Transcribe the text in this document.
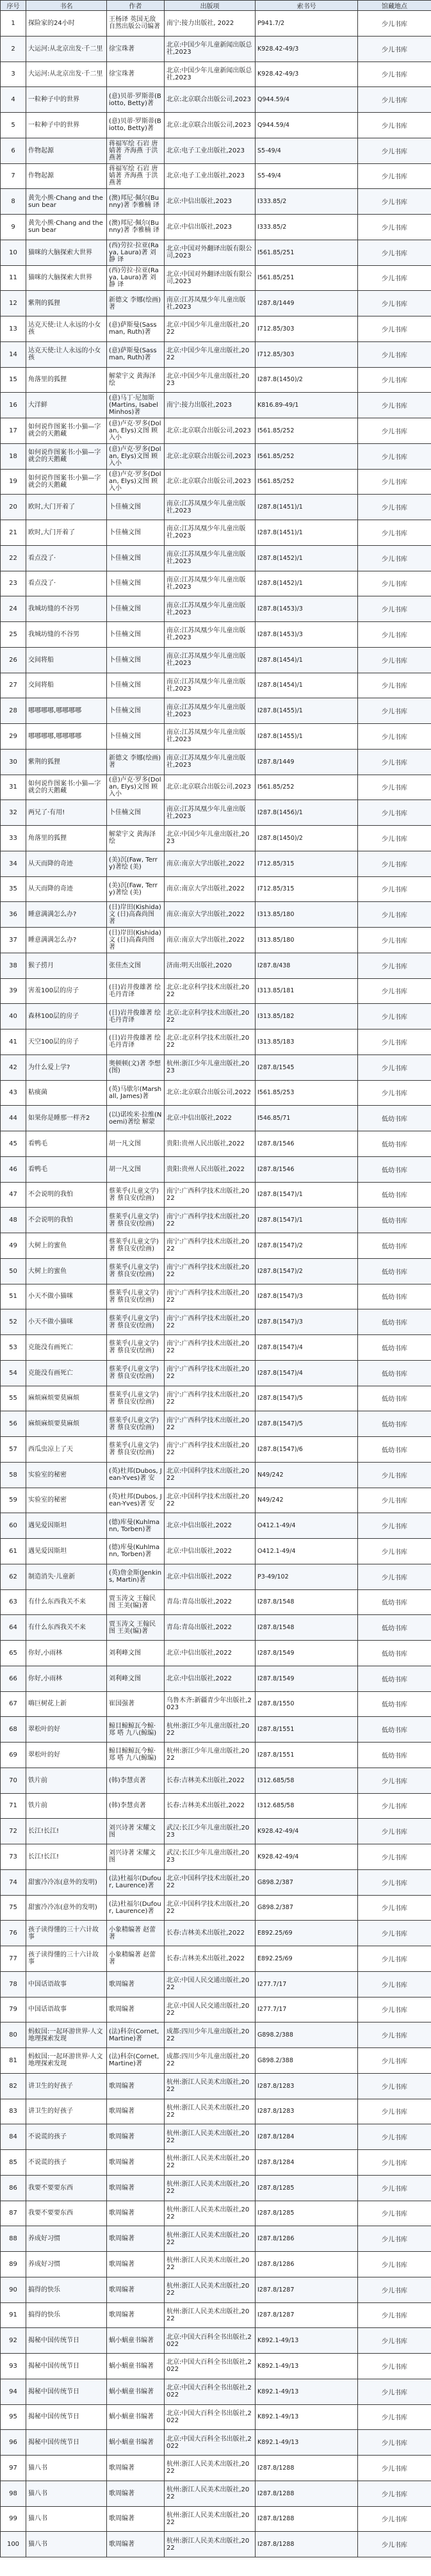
序号	书名	作者	出版项	索书号	馆藏地点
1	探险家的24小时	王杨译 英国无敌自然出版公司编著	南宁:接力出版社, 2022	P941.7/2	少儿书库
2	大运河:从北京出发·千二里	徐宝珠著	北京:中国少年儿童新闻出版总社,2023	K928.42-49/3	少儿书库
3	大运河:从北京出发·千二里	徐宝珠著	北京:中国少年儿童新闻出版总社,2023	K928.42-49/3	少儿书库
4	一粒种子中的世界	(意)贝蒂·罗斯蒂(Biotto, Betty)著	北京:北京联合出版公司,2023	Q944.59/4	少儿书库
5	一粒种子中的世界	(意)贝蒂·罗斯蒂(Biotto, Betty)著	北京:北京联合出版公司,2023	Q944.59/4	少儿书库
6	作物起源	蒋福军绘 石岩 唐婧著 齐海燕 于洪燕著	北京:电子工业出版社,2023	S5-49/4	少儿书库
7	作物起源	蒋福军绘 石岩 唐婧著 齐海燕 于洪燕著	北京:电子工业出版社,2023	S5-49/4	少儿书库
8	黄先小熊·Chang and the sun bear	(澳)邦尼·佩尔(Bunny)著 李雅楠 译	北京:中信出版社,2023	I333.85/2	少儿书库
9	黄先小熊·Chang and the sun bear	(澳)邦尼·佩尔(Bunny)著 李雅楠 译	北京:中信出版社,2023	I333.85/2	少儿书库
10	猫咪的大脑探索大世界	(西)劳拉·拉亚(Raya, Laura)著 刘静 译	北京:中国对外翻译出版有限公司,2023	I561.85/251	少儿书库
11	猫咪的大脑探索大世界	(西)劳拉·拉亚(Raya, Laura)著 刘静 译	北京:中国对外翻译出版有限公司,2023	I561.85/251	少儿书库
12	紫荆的狐狸	新德文 李娜(绘画)著	南京:江苏凤凰少年儿童出版社,2023	I287.8/1449	少儿书库
13	达克天使:让人永远的小女孩	(意)萨斯曼(Sassman, Ruth)著	北京:中国少年儿童出版社,2022	I712.85/303	少儿书库
14	达克天使:让人永远的小女孩	(意)萨斯曼(Sassman, Ruth)著	北京:中国少年儿童出版社,2022	I712.85/303	少儿书库
15	角落里的狐狸	解蒙宇文 黄海泽绘	北京:中国少年儿童出版社,2023	I287.8(1450)/2	少儿书库
16	大洋鲜	(意)马丁·尼加斯(Martins, Isabel Minhos)著	南宁:接力出版社,2023	K816.89-49/1	少儿书库
17	如何说作图案书:小猫—字就会的天鹅藏	(意)卢克·罗多(Dolan, Elys)文图 顾入小	北京:北京联合出版公司,2023	I561.85/252	少儿书库
18	如何说作图案书:小猫—字就会的天鹅藏	(意)卢克·罗多(Dolan, Elys)文图 顾入小	北京:北京联合出版公司,2023	I561.85/252	少儿书库
19	如何说作图案书:小猫—字就会的天鹅藏	(意)卢克·罗多(Dolan, Elys)文图 顾入小	北京:北京联合出版公司,2023	I561.85/252	少儿书库
20	欧时,大门开着了	卜佳楠文图	南京:江苏凤凰少年儿童出版社,2023	I287.8(1451)/1	少儿书库
21	欧时,大门开着了	卜佳楠文图	南京:江苏凤凰少年儿童出版社,2023	I287.8(1451)/1	少儿书库
22	看点没了·	卜佳楠文图	南京:江苏凤凰少年儿童出版社,2023	I287.8(1452)/1	少儿书库
23	看点没了·	卜佳楠文图	南京:江苏凤凰少年儿童出版社,2023	I287.8(1452)/1	少儿书库
24	我城坊缝的不谷男	卜佳楠文图	南京:江苏凤凰少年儿童出版社,2023	I287.8(1453)/3	少儿书库
25	我城坊缝的不谷男	卜佳楠文图	南京:江苏凤凰少年儿童出版社,2023	I287.8(1453)/3	少儿书库
26	交间将船	卜佳楠文图	南京:江苏凤凰少年儿童出版社,2023	I287.8(1454)/1	少儿书库
27	交间将船	卜佳楠文图	南京:江苏凤凰少年儿童出版社,2023	I287.8(1454)/1	少儿书库
28	哪哪哪哪,哪哪哪哪	卜佳楠文图	南京:江苏凤凰少年儿童出版社,2023	I287.8(1455)/1	少儿书库
29	哪哪哪哪,哪哪哪哪	卜佳楠文图	南京:江苏凤凰少年儿童出版社,2023	I287.8(1455)/1	少儿书库
30	紫荆的狐狸	新德文 李娜(绘画)著	南京:江苏凤凰少年儿童出版社,2023	I287.8/1449	少儿书库
31	如何说作图案书:小猫—字就会的天鹅藏	(意)卢克·罗多(Dolan, Elys)文图 顾入小	北京:北京联合出版公司,2023	I561.85/252	少儿书库
32	两兄了·有用!	卜佳楠文图	南京:江苏凤凰少年儿童出版社,2023	I287.8(1456)/1	少儿书库
33	角落里的狐狸	解蒙宇文 黄海泽绘	北京:中国少年儿童出版社,2023	I287.8(1450)/2	少儿书库
34	从天而降的奇迹	(美)沉(Faw, Terry)著绘 (美)	南京:南京大学出版社,2022	I712.85/315	少儿书库
35	从天而降的奇迹	(美)沉(Faw, Terry)著绘 (美)	南京:南京大学出版社,2022	I712.85/315	少儿书库
36	睡意满满怎么办?	(日)岸田(Kishida)文 (日)高森尚图 著	南京:南京大学出版社,2022	I313.85/180	少儿书库
37	睡意满满怎么办?	(日)岸田(Kishida)文 (日)高森尚图 著	南京:南京大学出版社,2022	I313.85/180	少儿书库
38	猴子捞月	张佳杰文图	济南:明天出版社,2020	I287.8/438	少儿书库
39	害羞100层的房子	(日)岩井俊雄著 绘 毛丹青译	北京:北京科学技术出版社,2022	I313.85/181	少儿书库
40	森林100层的房子	(日)岩井俊雄著 绘 毛丹青译	北京:北京科学技术出版社,2022	I313.85/182	少儿书库
41	天空100层的房子	(日)岩井俊雄著 绘 毛丹青译	北京:北京科学技术出版社,2022	I313.85/183	少儿书库
42	为什么爱上学?	奥顿顿(文)著 李想(图)	杭州:浙江少年儿童出版社,2023	I287.8/1545	少儿书库
43	粘痰菌	(英)马歇尔(Marshall, James)著	北京:北京联合出版公司,2022	I561.85/253	少儿书库
44	如果你是睡那一样齐2	(以)诺埃米·拉维(Noemi)著绘 解蒙	北京:中信出版社,2022	I546.85/71	低幼书库
45	看鸭毛	胡一凡文图	贵阳:贵州人民出版社,2022	I287.8/1546	低幼书库
46	看鸭毛	胡一凡文图	贵阳:贵州人民出版社,2022	I287.8/1546	低幼书库
47	不会说明的我怕	蔡莱乎(儿童文学)著 蔡良安(绘画)	南宁:广西科学技术出版社,2022	I287.8(1547)/1	低幼书库
48	不会说明的我怕	蔡莱乎(儿童文学)著 蔡良安(绘画)	南宁:广西科学技术出版社,2022	I287.8(1547)/1	低幼书库
49	大树上的蜜鱼	蔡莱乎(儿童文学)著 蔡良安(绘画)	南宁:广西科学技术出版社,2022	I287.8(1547)/2	低幼书库
50	大树上的蜜鱼	蔡莱乎(儿童文学)著 蔡良安(绘画)	南宁:广西科学技术出版社,2022	I287.8(1547)/2	低幼书库
51	小天不做小猫咪	蔡莱乎(儿童文学)著 蔡良安(绘画)	南宁:广西科学技术出版社,2022	I287.8(1547)/3	低幼书库
52	小天不做小猫咪	蔡莱乎(儿童文学)著 蔡良安(绘画)	南宁:广西科学技术出版社,2022	I287.8(1547)/3	低幼书库
53	克能没有画死亡	蔡莱乎(儿童文学)著 蔡良安(绘画)	南宁:广西科学技术出版社,2022	I287.8(1547)/4	低幼书库
54	克能没有画死亡	蔡莱乎(儿童文学)著 蔡良安(绘画)	南宁:广西科学技术出版社,2022	I287.8(1547)/4	低幼书库
55	麻烦麻烦要莫麻烦	蔡莱乎(儿童文学)著 蔡良安(绘画)	南宁:广西科学技术出版社,2022	I287.8(1547)/5	低幼书库
56	麻烦麻烦要莫麻烦	蔡莱乎(儿童文学)著 蔡良安(绘画)	南宁:广西科学技术出版社,2022	I287.8(1547)/5	低幼书库
57	西瓜虫凉上了天	蔡莱乎(儿童文学)著 蔡良安(绘画)	南宁:广西科学技术出版社,2022	I287.8(1547)/6	低幼书库
58	实验室的秘密	(英)杜邦(Dubos, Jean-Yves)著 安	北京:中国科学技术出版社,2022	N49/242	少儿书库
59	实验室的秘密	(英)杜邦(Dubos, Jean-Yves)著 安	北京:中国科学技术出版社,2022	N49/242	少儿书库
60	遇见爱因斯坦	(德)库曼(Kuhlmann, Torben)著	北京:中信出版社,2022	O412.1-49/4	少儿书库
61	遇见爱因斯坦	(德)库曼(Kuhlmann, Torben)著	北京:中信出版社,2022	O412.1-49/4	少儿书库
62	制造消失·儿童新	(英)詹金斯(Jenkins, Martin)著	北京:中信出版社,2022	P3-49/102	少儿书库
63	有什么东西我关不来	贾玉涛文 王翰民图 王美(编)著	青岛:青岛出版社,2022	I287.8/1548	低幼书库
64	有什么东西我关不来	贾玉涛文 王翰民图 王美(编)著	青岛:青岛出版社,2022	I287.8/1548	低幼书库
65	你好,小雨林	刘利峰文图	北京:中信出版社,2022	I287.8/1549	低幼书库
66	你好,小雨林	刘利峰文图	北京:中信出版社,2022	I287.8/1549	低幼书库
67	嗨巨树花上新	崔国强著	乌鲁木齐:新疆青少年出版社,2023	I287.8/1550	低幼书库
68	翠松叶的好	鲸目鲸鲸瓦今鲸·郑 嗒 九八(鲸编)	杭州:浙江少年儿童出版社,2022	I287.8/1551	低幼书库
69	翠松叶的好	鲸目鲸鲸瓦今鲸·郑 嗒 九八(鲸编)	杭州:浙江少年儿童出版社,2022	I287.8/1551	低幼书库
70	铁片前	(韩)李慧贞著	长春:吉林美术出版社,2022	I312.685/58	少儿书库
71	铁片前	(韩)李慧贞著	长春:吉林美术出版社,2022	I312.685/58	少儿书库
72	长江!长江!	刘兴诗著 宋耀文图	武汉:长江少年儿童出版社,2023	K928.42-49/4	少儿书库
73	长江!长江!	刘兴诗著 宋耀文图	武汉:长江少年儿童出版社,2023	K928.42-49/4	少儿书库
74	甜蜜冷冷冻(意外的发明)	(法)杜福尔(Dufour, Laurence)著	北京:中国科学技术出版社,2022	G898.2/387	少儿书库
75	甜蜜冷冷冻(意外的发明)	(法)杜福尔(Dufour, Laurence)著	北京:中国科学技术出版社,2022	G898.2/387	少儿书库
76	孩子读得懂的三十六计故事	小象精编著 赵蕾著	长春:吉林美术出版社,2022	E892.25/69	少儿书库
77	孩子读得懂的三十六计故事	小象精编著 赵蕾著	长春:吉林美术出版社,2022	E892.25/69	少儿书库
78	中国话语故事	歌周编著	北京:中国人民交通出版社,2022	I277.7/17	少儿书库
79	中国话语故事	歌周编著	北京:中国人民交通出版社,2022	I277.7/17	少儿书库
80	蚂蚁国:一起环游世界·人文地理探索发现	(法)科奈(Cornet, Martine)著	成都:四川少年儿童出版社,2022	G898.2/388	少儿书库
81	蚂蚁国:一起环游世界·人文地理探索发现	(法)科奈(Cornet, Martine)著	成都:四川少年儿童出版社,2022	G898.2/388	少儿书库
82	讲卫生的好孩子	歌周编著	杭州:浙江人民美术出版社,2022	I287.8/1283	少儿书库
83	讲卫生的好孩子	歌周编著	杭州:浙江人民美术出版社,2022	I287.8/1283	少儿书库
84	不说谎的孩子	歌周编著	杭州:浙江人民美术出版社,2022	I287.8/1284	少儿书库
85	不说谎的孩子	歌周编著	杭州:浙江人民美术出版社,2022	I287.8/1284	少儿书库
86	我要不要要东西	歌周编著	杭州:浙江人民美术出版社,2022	I287.8/1285	少儿书库
87	我要不要要东西	歌周编著	杭州:浙江人民美术出版社,2022	I287.8/1285	少儿书库
88	养成好习惯	歌周编著	杭州:浙江人民美术出版社,2022	I287.8/1286	少儿书库
89	养成好习惯	歌周编著	杭州:浙江人民美术出版社,2022	I287.8/1286	少儿书库
90	搞得的快乐	歌周编著	杭州:浙江人民美术出版社,2022	I287.8/1287	少儿书库
91	搞得的快乐	歌周编著	杭州:浙江人民美术出版社,2022	I287.8/1287	少儿书库
92	揭秘中国传统节日	蜗小蜗童书编著	北京:中国大百科全书出版社,2022	K892.1-49/13	少儿书库
93	揭秘中国传统节日	蜗小蜗童书编著	北京:中国大百科全书出版社,2022	K892.1-49/13	少儿书库
94	揭秘中国传统节日	蜗小蜗童书编著	北京:中国大百科全书出版社,2022	K892.1-49/13	少儿书库
95	揭秘中国传统节日	蜗小蜗童书编著	北京:中国大百科全书出版社,2022	K892.1-49/13	少儿书库
96	揭秘中国传统节日	蜗小蜗童书编著	北京:中国大百科全书出版社,2022	K892.1-49/13	少儿书库
97	猫八书	歌周编著	杭州:浙江人民美术出版社,2022	I287.8/1288	少儿书库
98	猫八书	歌周编著	杭州:浙江人民美术出版社,2022	I287.8/1288	少儿书库
99	猫八书	歌周编著	杭州:浙江人民美术出版社,2022	I287.8/1288	少儿书库
100	猫八书	歌周编著	杭州:浙江人民美术出版社,2022	I287.8/1288	少儿书库
